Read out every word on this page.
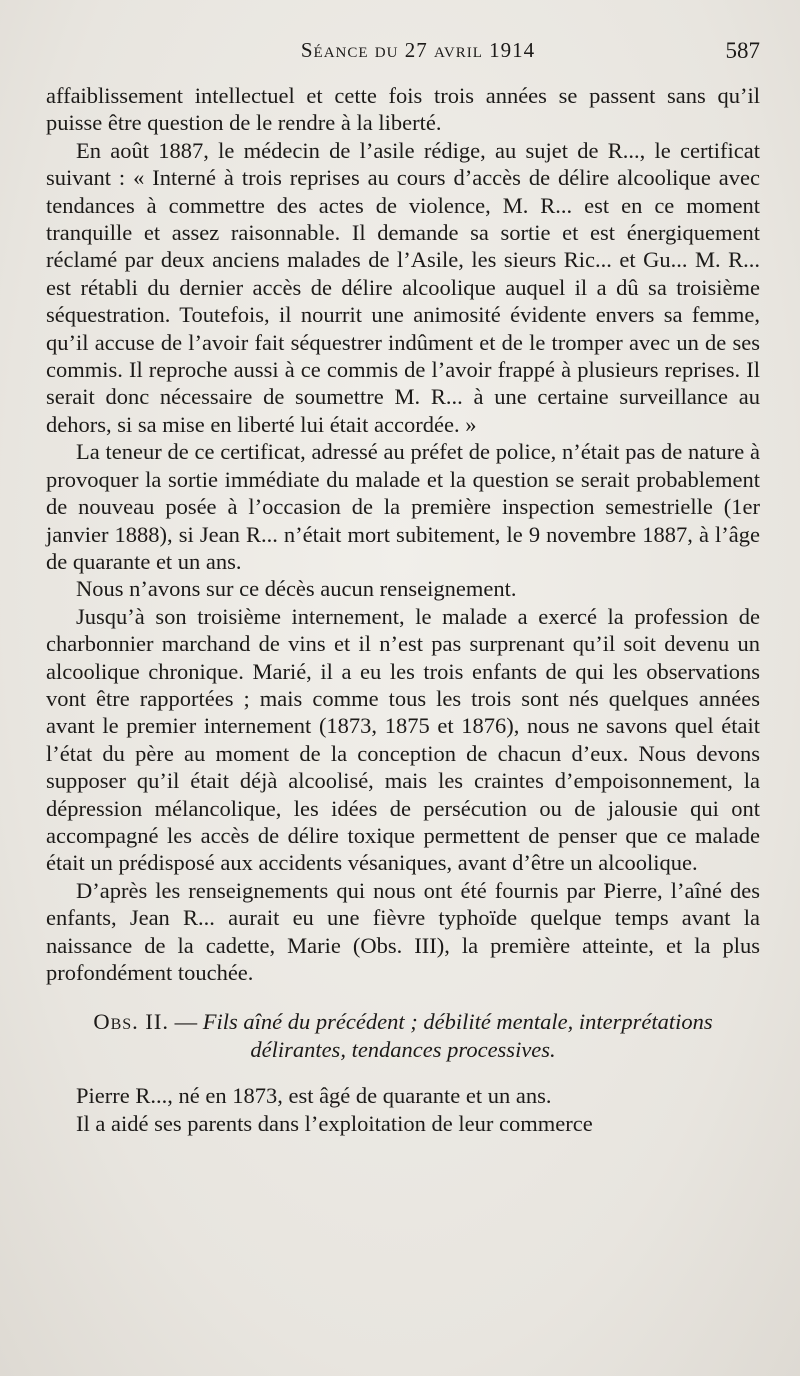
Séance du 27 avril 1914	587

affaiblissement intellectuel et cette fois trois années se passent sans qu’il puisse être question de le rendre à la liberté.

En août 1887, le médecin de l’asile rédige, au sujet de R..., le certificat suivant : « Interné à trois reprises au cours d’accès de délire alcoolique avec tendances à commettre des actes de violence, M. R... est en ce moment tranquille et assez raisonnable. Il demande sa sortie et est énergiquement réclamé par deux anciens malades de l’Asile, les sieurs Ric... et Gu... M. R... est rétabli du dernier accès de délire alcoolique auquel il a dû sa troisième séquestration. Toutefois, il nourrit une animosité évidente envers sa femme, qu’il accuse de l’avoir fait séquestrer indûment et de le tromper avec un de ses commis. Il reproche aussi à ce commis de l’avoir frappé à plusieurs reprises. Il serait donc nécessaire de soumettre M. R... à une certaine surveillance au dehors, si sa mise en liberté lui était accordée. »

La teneur de ce certificat, adressé au préfet de police, n’était pas de nature à provoquer la sortie immédiate du malade et la question se serait probablement de nouveau posée à l’occasion de la première inspection semestrielle (1er janvier 1888), si Jean R... n’était mort subitement, le 9 novembre 1887, à l’âge de quarante et un ans.

Nous n’avons sur ce décès aucun renseignement.

Jusqu’à son troisième internement, le malade a exercé la profession de charbonnier marchand de vins et il n’est pas surprenant qu’il soit devenu un alcoolique chronique. Marié, il a eu les trois enfants de qui les observations vont être rapportées ; mais comme tous les trois sont nés quelques années avant le premier internement (1873, 1875 et 1876), nous ne savons quel était l’état du père au moment de la conception de chacun d’eux. Nous devons supposer qu’il était déjà alcoolisé, mais les craintes d’empoisonnement, la dépression mélancolique, les idées de persécution ou de jalousie qui ont accompagné les accès de délire toxique permettent de penser que ce malade était un prédisposé aux accidents vésaniques, avant d’être un alcoolique.

D’après les renseignements qui nous ont été fournis par Pierre, l’aîné des enfants, Jean R... aurait eu une fièvre typhoïde quelque temps avant la naissance de la cadette, Marie (Obs. III), la première atteinte, et la plus profondément touchée.

Obs. II. — Fils aîné du précédent ; débilité mentale, interprétations délirantes, tendances processives.

Pierre R..., né en 1873, est âgé de quarante et un ans.

Il a aidé ses parents dans l’exploitation de leur commerce
